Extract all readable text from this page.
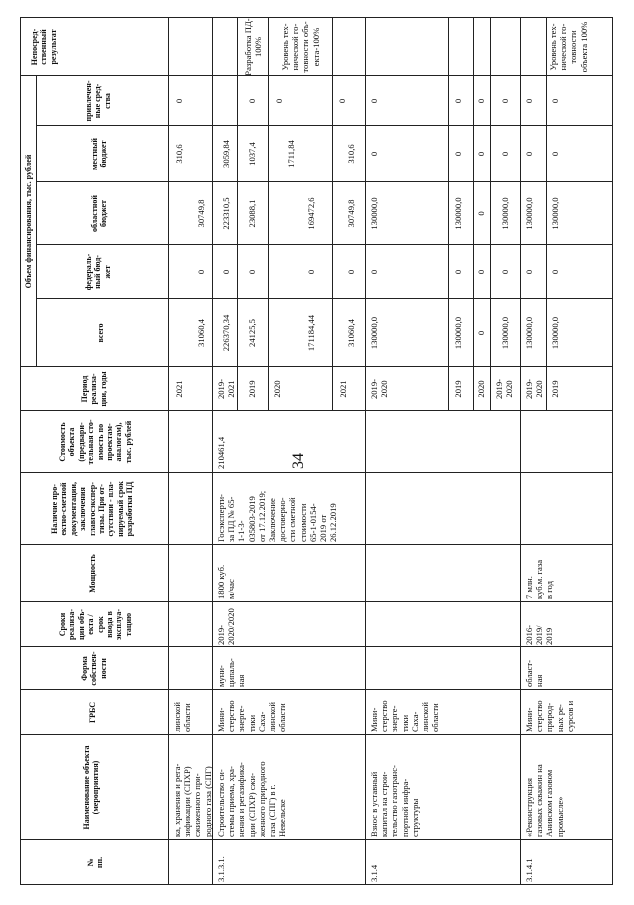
34
№
пп.
Наименование объекта
(мероприятия)
ГРБС
Форма
собствен-
ности
Сроки
реализа-
ции объ-
екта /
срок
ввода в
эксплуа-
тацию
Мощность
Наличие про-
ектно-сметной
документации,
заключения
главгосэкспер-
тизы. При от-
сутствии - пла-
нируемый срок
разработки ПД
Стоимость
объекта
(предвари-
тельная сто-
имость по
проектам-
аналогам),
тыс. рублей
Период
реализа-
ции, годы
Объем финансирования, тыс. рублей
всего
федераль-
ный бюд-
жет
областной
бюджет
местный
бюджет
привлечен-
ные сред-
ства
Непосред-
ственный
результат
ка, хранения и рега-
зификации (СПХР)
сжиженного при-
родного газа (СПГ)
линской
области
2021
31060,4
0
30749,8
310,6
0
3.1.3.1.
Строительство си-
стемы приема, хра-
нения и регазифика-
ции (СПХР) сжи-
женного природного
газа (СПГ) в г.
Невельске
Мини-
стерство
энерге-
тики
Саха-
линской
области
муни-
ципаль-
ная
2019-
2020/2020
1800 куб.
м/час
Госэксперти-
за ПД № 65-
1-1-3-
035803-2019
от 17.12.2019;
Заключение
достоверно-
сти сметной
стоимости
65-1-0154-
2019 от
26.12.2019
210461,4
2019-
2021
226370,34
0
223310,5
3059,84
2019
24125,5
0
23088,1
1037,4
0
Разработка ПД-
100%
2020
171184,44
0
169472,6
1711,84
0
Уровень тех-
нической го-
товности объ-
екта-100%
2021
31060,4
0
30749,8
310,6
0
3.1.4
Взнос в уставный
капитал на строи-
тельство газотранс-
портной инфра-
структуры
Мини-
стерство
энерге-
тики
Саха-
линской
области
2019-
2020
130000,0
0
130000,0
0
0
2019
130000,0
0
130000,0
0
0
2020
0
0
0
0
0
2019-
2020
130000,0
0
130000,0
0
0
3.1.4.1
«Реконструкция
газовых скважин на
Анивском газовом
промысле»
Мини-
стерство
природ-
ных ре-
сурсов и
област-
ная
2016-
2019/
2019
7 млн.
куб.м. газа
в год
2019-
2020
130000,0
0
130000,0
0
0
2019
130000,0
0
130000,0
0
0
Уровень тех-
нической го-
товности
объекта 100%
